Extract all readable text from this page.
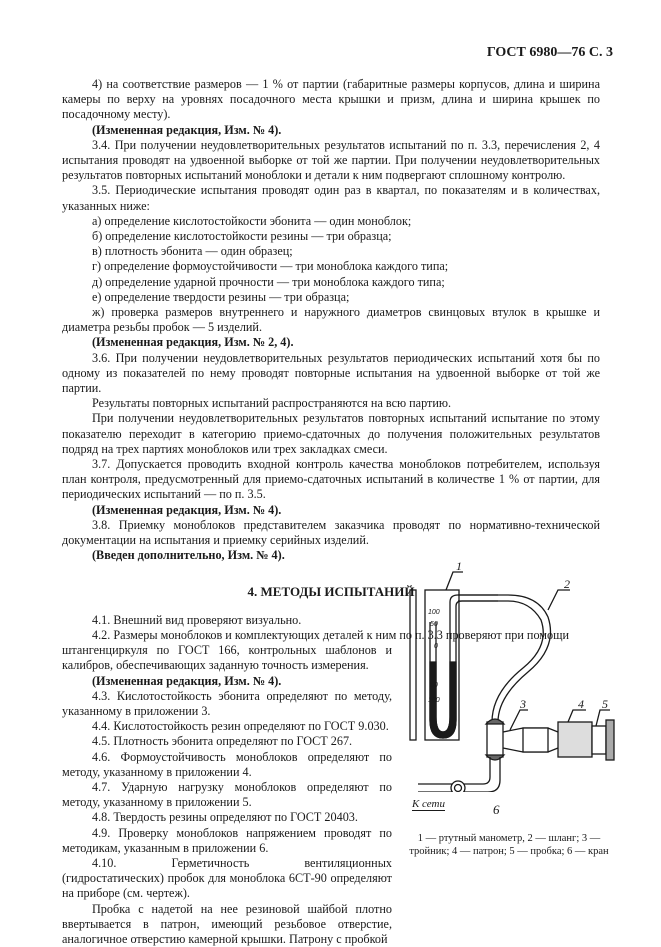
ГОСТ 6980—76 С. 3

4) на соответствие размеров — 1 % от партии (габаритные размеры корпусов, длина и ширина камеры по верху на уровнях посадочного места крышки и призм, длина и ширина крышек по посадочному месту).

(Измененная редакция, Изм. № 4).

3.4. При получении неудовлетворительных результатов испытаний по п. 3.3, перечисления 2, 4 испытания проводят на удвоенной выборке от той же партии. При получении неудовлетворительных результатов повторных испытаний моноблоки и детали к ним подвергают сплошному контролю.

3.5. Периодические испытания проводят один раз в квартал, по показателям и в количествах, указанных ниже:

а) определение кислотостойкости эбонита — один моноблок;

б) определение кислотостойкости резины — три образца;

в) плотность эбонита — один образец;

г) определение формоустойчивости — три моноблока каждого типа;

д) определение ударной прочности — три моноблока каждого типа;

е) определение твердости резины — три образца;

ж) проверка размеров внутреннего и наружного диаметров свинцовых втулок в крышке и диаметра резьбы пробок — 5 изделий.

(Измененная редакция, Изм. № 2, 4).

3.6. При получении неудовлетворительных результатов периодических испытаний хотя бы по одному из показателей по нему проводят повторные испытания на удвоенной выборке от той же партии.

Результаты повторных испытаний распространяются на всю партию.

При получении неудовлетворительных результатов повторных испытаний испытание по этому показателю переходит в категорию приемо-сдаточных до получения положительных результатов подряд на трех партиях моноблоков или трех закладках смеси.

3.7. Допускается проводить входной контроль качества моноблоков потребителем, используя план контроля, предусмотренный для приемо-сдаточных испытаний в количестве 1 % от партии, для периодических испытаний — по п. 3.5.

(Измененная редакция, Изм. № 4).

3.8. Приемку моноблоков представителем заказчика проводят по нормативно-технической документации на испытания и приемку серийных изделий.

(Введен дополнительно, Изм. № 4).

4. МЕТОДЫ ИСПЫТАНИЙ

4.1. Внешний вид проверяют визуально.

4.2. Размеры моноблоков и комплектующих деталей к ним по п. 3.3 проверяют при помощи

штангенциркуля по ГОСТ 166, контрольных шаблонов и калибров, обеспечивающих заданную точность измерения.

(Измененная редакция, Изм. № 4).

4.3. Кислотостойкость эбонита определяют по методу, указанному в приложении 3.

4.4. Кислотостойкость резин определяют по ГОСТ 9.030.

4.5. Плотность эбонита определяют по ГОСТ 267.

4.6. Формоустойчивость моноблоков определяют по методу, указанному в приложении 4.

4.7. Ударную нагрузку моноблоков определяют по методу, указанному в приложении 5.

4.8. Твердость резины определяют по ГОСТ 20403.

4.9. Проверку моноблоков напряжением проводят по методикам, указанным в приложении 6.

4.10. Герметичность вентиляционных (гидростатических) пробок для моноблока 6СТ-90 определяют на приборе (см. чертеж).

Пробка с надетой на нее резиновой шайбой плотно ввертывается в патрон, имеющий резьбовое отверстие, аналогичное отверстию камерной крышки. Патрону с пробкой

1
2
3	4 5
100
50
0
50
100
К сети	6
1 — ртутный манометр, 2 — шланг; 3 — тройник; 4 — патрон; 5 — пробка; 6 — кран
